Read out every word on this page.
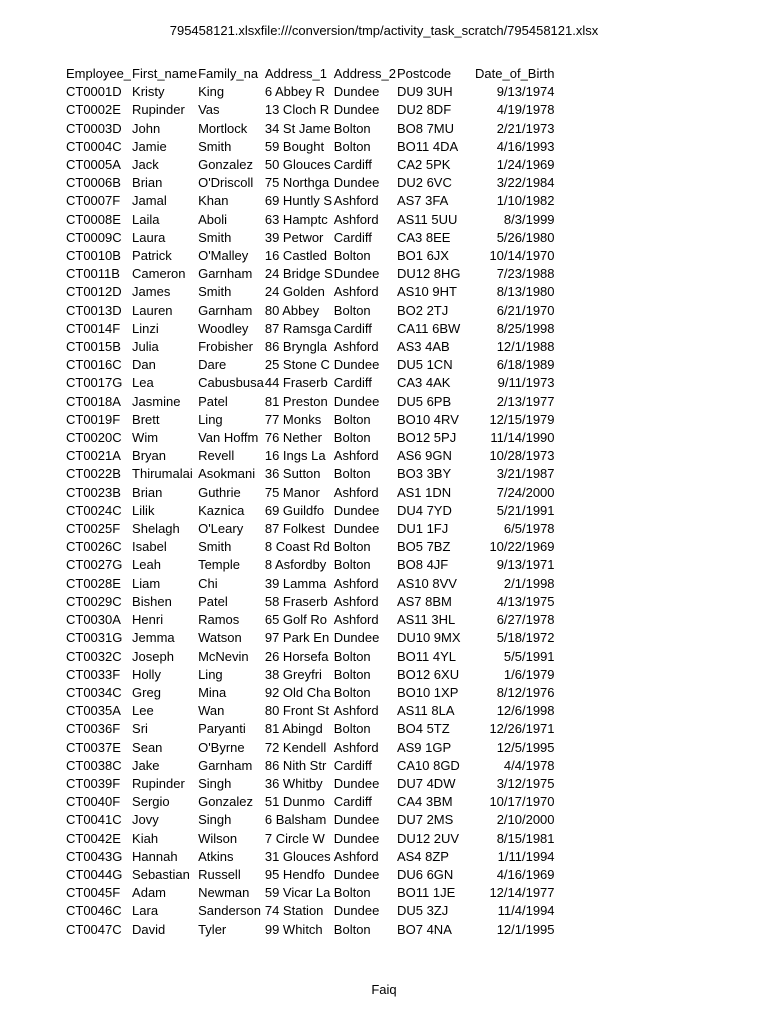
795458121.xlsxfile:///conversion/tmp/activity_task_scratch/795458121.xlsx
Employee_	First_name	Family_na	Address_1	Address_2	Postcode	Date_of_Birth
CT0001D	Kristy	King	6 Abbey R	Dundee	DU9 3UH	9/13/1974
CT0002E	Rupinder	Vas	13 Cloch R	Dundee	DU2 8DF	4/19/1978
CT0003D	John	Mortlock	34 St Jame	Bolton	BO8 7MU	2/21/1973
CT0004C	Jamie	Smith	59 Bought	Bolton	BO11 4DA	4/16/1993
CT0005A	Jack	Gonzalez	50 Glouces	Cardiff	CA2 5PK	1/24/1969
CT0006B	Brian	O'Driscoll	75 Northga	Dundee	DU2 6VC	3/22/1984
CT0007F	Jamal	Khan	69 Huntly S	Ashford	AS7 3FA	1/10/1982
CT0008E	Laila	Aboli	63 Hamptc	Ashford	AS11 5UU	8/3/1999
CT0009C	Laura	Smith	39 Petwor	Cardiff	CA3 8EE	5/26/1980
CT0010B	Patrick	O'Malley	16 Castled	Bolton	BO1 6JX	10/14/1970
CT0011B	Cameron	Garnham	24 Bridge S	Dundee	DU12 8HG	7/23/1988
CT0012D	James	Smith	24 Golden	Ashford	AS10 9HT	8/13/1980
CT0013D	Lauren	Garnham	80 Abbey	Bolton	BO2 2TJ	6/21/1970
CT0014F	Linzi	Woodley	87 Ramsga	Cardiff	CA11 6BW	8/25/1998
CT0015B	Julia	Frobisher	86 Bryngla	Ashford	AS3 4AB	12/1/1988
CT0016C	Dan	Dare	25 Stone C	Dundee	DU5 1CN	6/18/1989
CT0017G	Lea	Cabusbusa	44 Fraserb	Cardiff	CA3 4AK	9/11/1973
CT0018A	Jasmine	Patel	81 Preston	Dundee	DU5 6PB	2/13/1977
CT0019F	Brett	Ling	77 Monks	Bolton	BO10 4RV	12/15/1979
CT0020C	Wim	Van Hoffm	76 Nether	Bolton	BO12 5PJ	11/14/1990
CT0021A	Bryan	Revell	16 Ings La	Ashford	AS6 9GN	10/28/1973
CT0022B	Thirumalai	Asokmani	36 Sutton	Bolton	BO3 3BY	3/21/1987
CT0023B	Brian	Guthrie	75 Manor	Ashford	AS1 1DN	7/24/2000
CT0024C	Lilik	Kaznica	69 Guildfo	Dundee	DU4 7YD	5/21/1991
CT0025F	Shelagh	O'Leary	87 Folkest	Dundee	DU1 1FJ	6/5/1978
CT0026C	Isabel	Smith	8 Coast Rd	Bolton	BO5 7BZ	10/22/1969
CT0027G	Leah	Temple	8 Asfordby	Bolton	BO8 4JF	9/13/1971
CT0028E	Liam	Chi	39 Lamma	Ashford	AS10 8VV	2/1/1998
CT0029C	Bishen	Patel	58 Fraserb	Ashford	AS7 8BM	4/13/1975
CT0030A	Henri	Ramos	65 Golf Ro	Ashford	AS11 3HL	6/27/1978
CT0031G	Jemma	Watson	97 Park En	Dundee	DU10 9MX	5/18/1972
CT0032C	Joseph	McNevin	26 Horsefa	Bolton	BO11 4YL	5/5/1991
CT0033F	Holly	Ling	38 Greyfri	Bolton	BO12 6XU	1/6/1979
CT0034C	Greg	Mina	92 Old Cha	Bolton	BO10 1XP	8/12/1976
CT0035A	Lee	Wan	80 Front St	Ashford	AS11 8LA	12/6/1998
CT0036F	Sri	Paryanti	81 Abingd	Bolton	BO4 5TZ	12/26/1971
CT0037E	Sean	O'Byrne	72 Kendell	Ashford	AS9 1GP	12/5/1995
CT0038C	Jake	Garnham	86 Nith Str	Cardiff	CA10 8GD	4/4/1978
CT0039F	Rupinder	Singh	36 Whitby	Dundee	DU7 4DW	3/12/1975
CT0040F	Sergio	Gonzalez	51 Dunmo	Cardiff	CA4 3BM	10/17/1970
CT0041C	Jovy	Singh	6 Balsham	Dundee	DU7 2MS	2/10/2000
CT0042E	Kiah	Wilson	7 Circle W	Dundee	DU12 2UV	8/15/1981
CT0043G	Hannah	Atkins	31 Glouces	Ashford	AS4 8ZP	1/11/1994
CT0044G	Sebastian	Russell	95 Hendfo	Dundee	DU6 6GN	4/16/1969
CT0045F	Adam	Newman	59 Vicar La	Bolton	BO11 1JE	12/14/1977
CT0046C	Lara	Sanderson	74 Station	Dundee	DU5 3ZJ	11/4/1994
CT0047C	David	Tyler	99 Whitch	Bolton	BO7 4NA	12/1/1995
Faiq
